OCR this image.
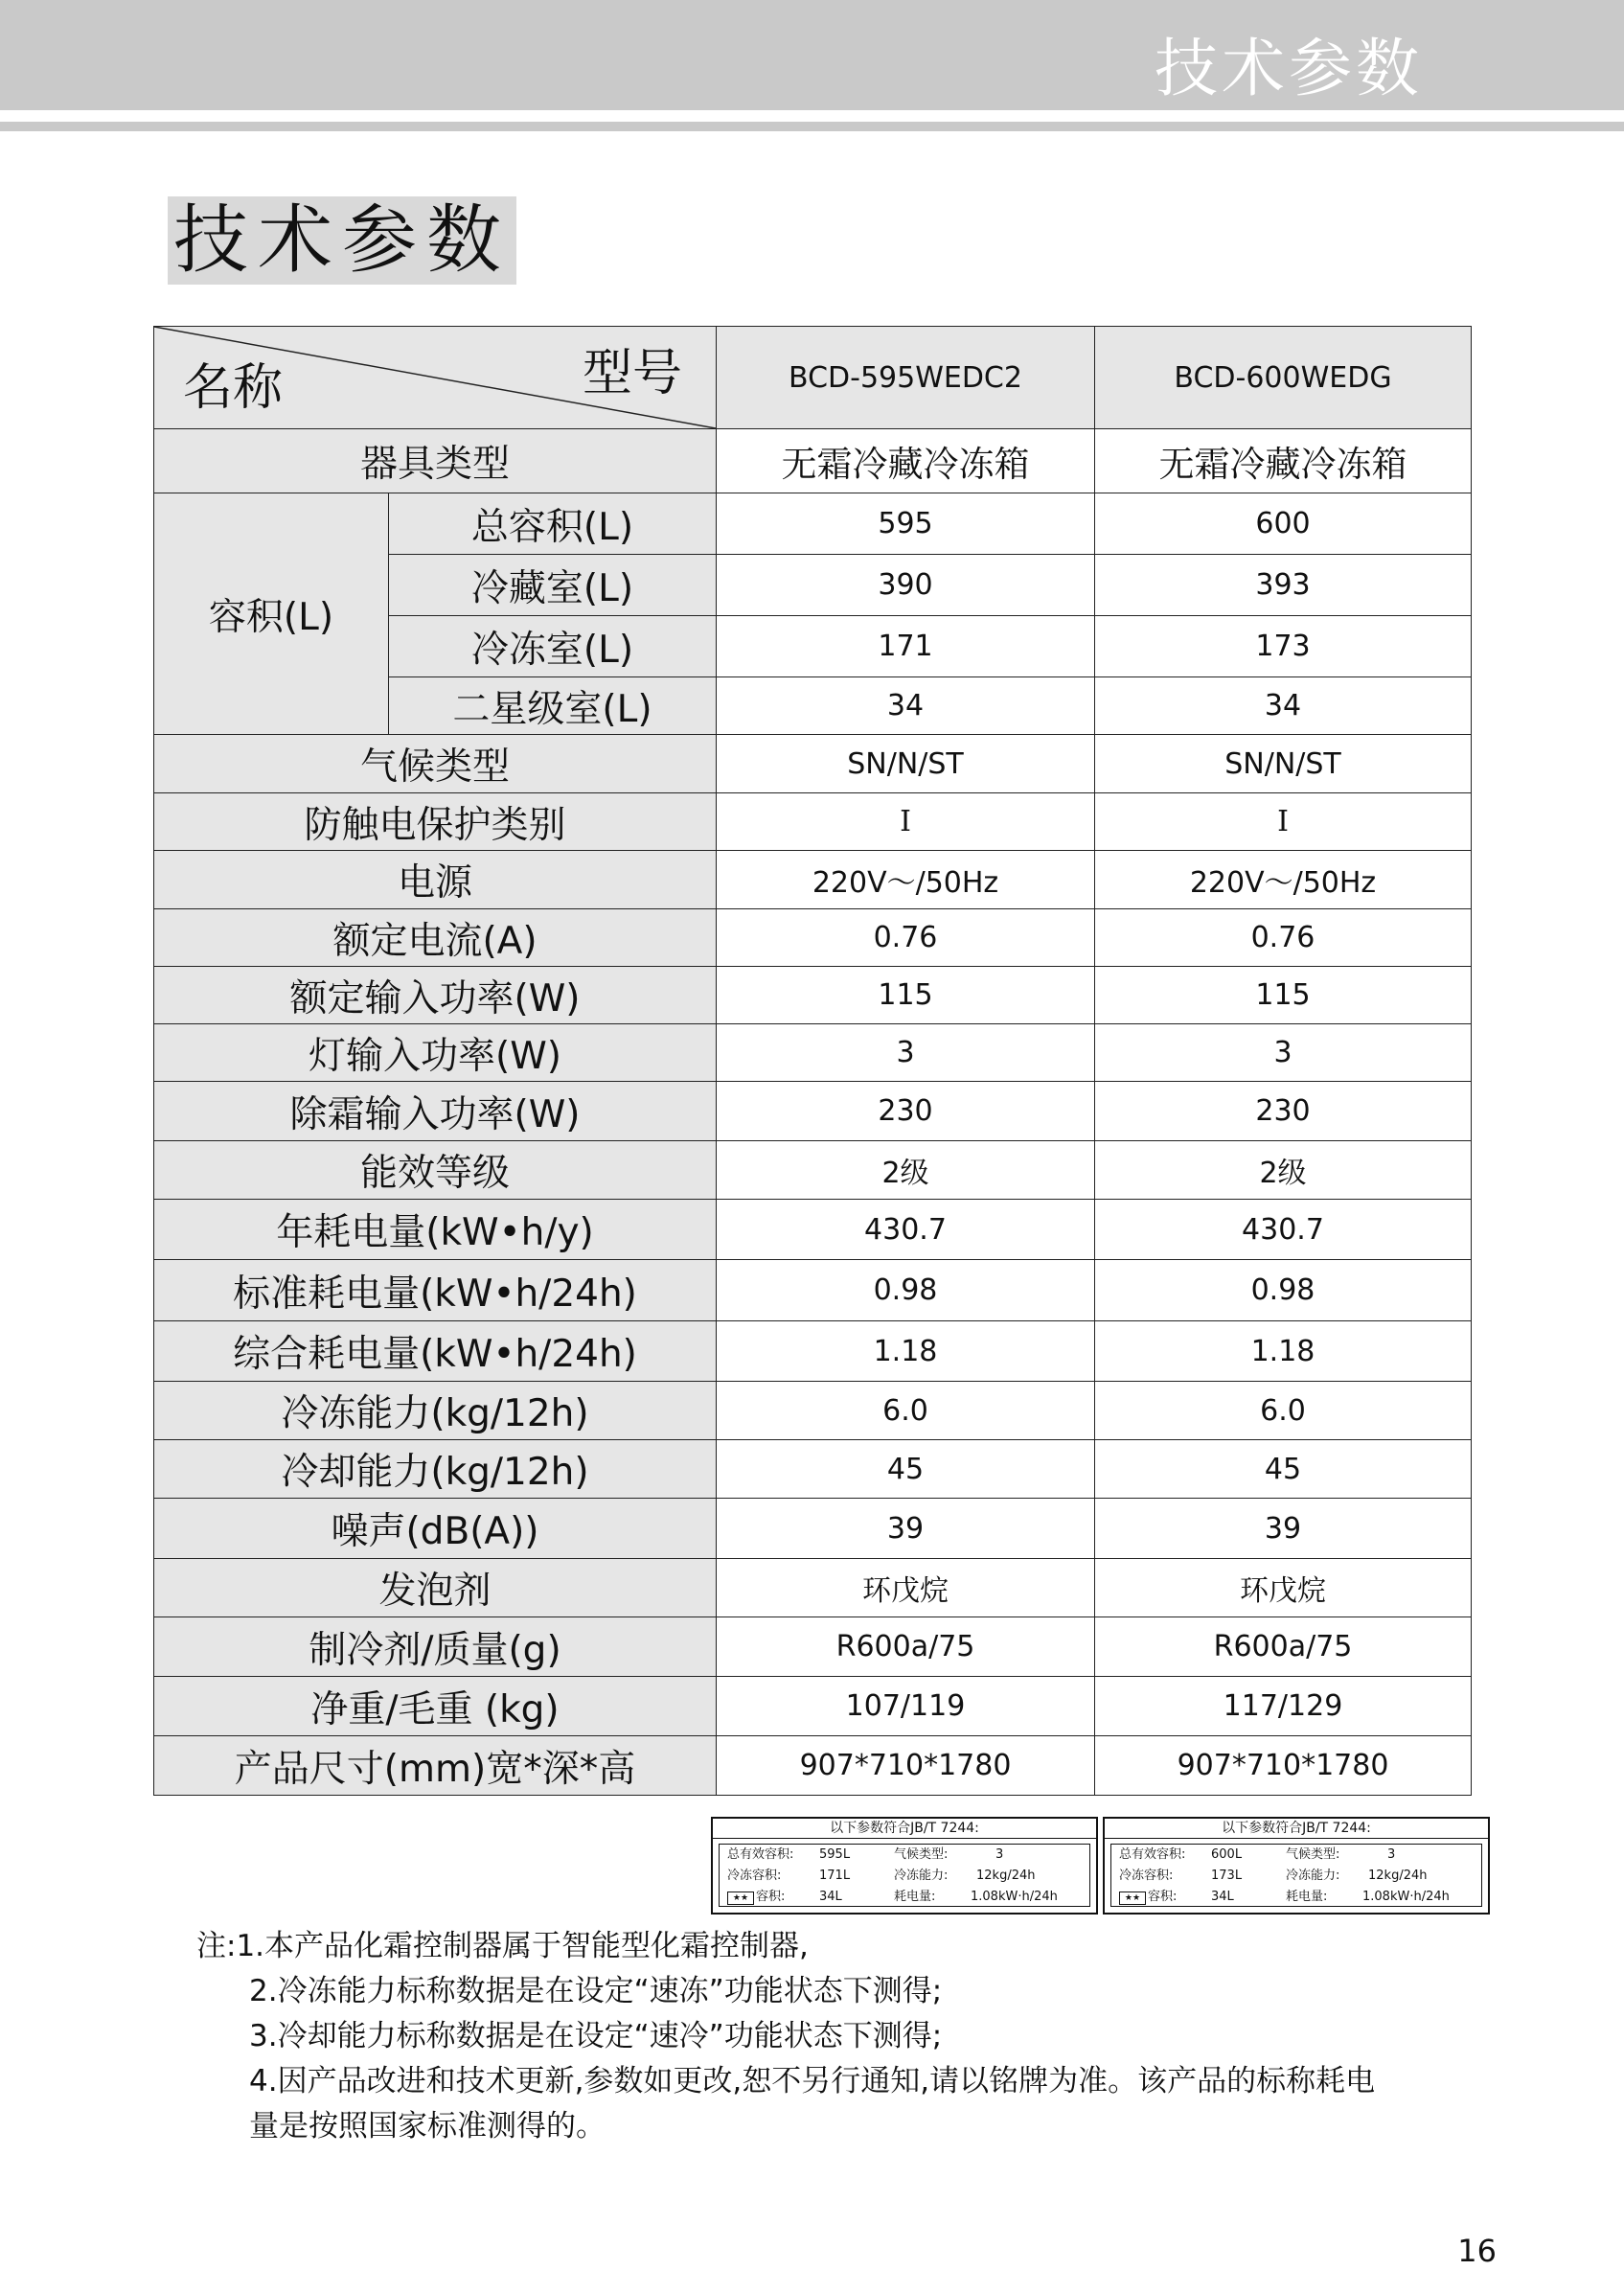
技术参数
技术参数
名称 型号		BCD-595WEDC2	BCD-600WEDG
器具类型		无霜冷藏冷冻箱	无霜冷藏冷冻箱
容积(L)	总容积(L)	595	600
	冷藏室(L)	390	393
	冷冻室(L)	171	173
	二星级室(L)	34	34
气候类型		SN/N/ST	SN/N/ST
防触电保护类别		I	I
电源		220V～/50Hz	220V～/50Hz
额定电流(A)		0.76	0.76
额定输入功率(W)		115	115
灯输入功率(W)		3	3
除霜输入功率(W)		230	230
能效等级		2级	2级
年耗电量(kW•h/y)		430.7	430.7
标准耗电量(kW•h/24h)		0.98	0.98
综合耗电量(kW•h/24h)		1.18	1.18
冷冻能力(kg/12h)		6.0	6.0
冷却能力(kg/12h)		45	45
噪声(dB(A))		39	39
发泡剂		环戊烷	环戊烷
制冷剂/质量(g)		R600a/75	R600a/75
净重/毛重 (kg)		107/119	117/129
产品尺寸(mm)宽*深*高		907*710*1780	907*710*1780
以下参数符合JB/T 7244:
总有效容积: 595L	气候类型:	3
冷冻容积:	171L	冷冻能力: 12kg/24h
★★ 容积:	34L	耗电量:	1.08kW·h/24h
以下参数符合JB/T 7244:
总有效容积: 600L	气候类型:	3
冷冻容积:	173L	冷冻能力: 12kg/24h
★★ 容积:	34L	耗电量:	1.08kW·h/24h
注:1.本产品化霜控制器属于智能型化霜控制器,
2.冷冻能力标称数据是在设定“速冻”功能状态下测得;
3.冷却能力标称数据是在设定“速冷”功能状态下测得;
4.因产品改进和技术更新,参数如更改,恕不另行通知,请以铭牌为准。该产品的标称耗电量是按照国家标准测得的。
16
